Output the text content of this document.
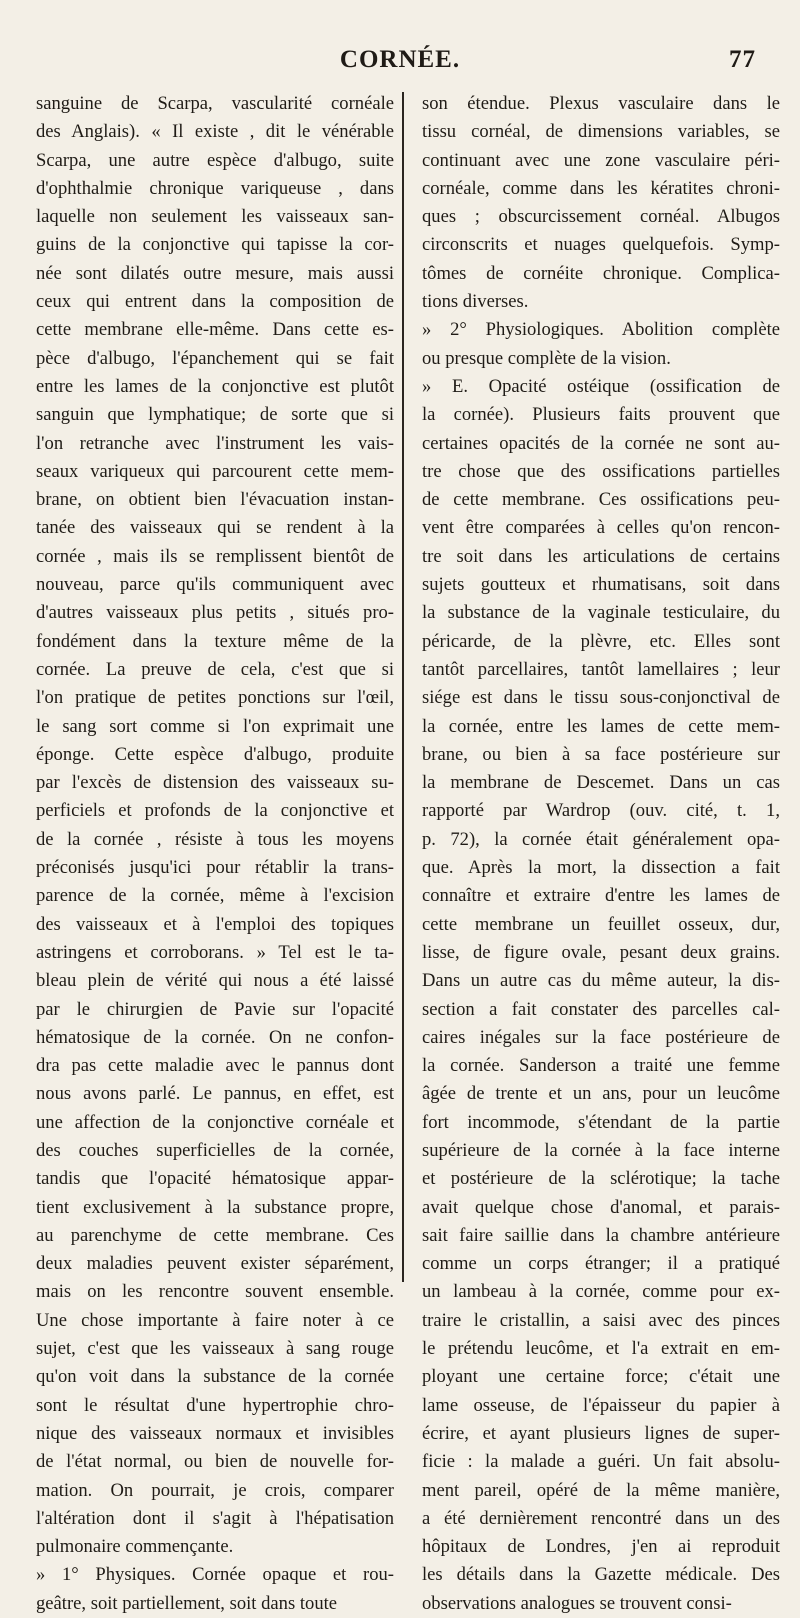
CORNÉE.	77

sanguine de Scarpa, vascularité cornéale

des Anglais). « Il existe , dit le vénérable

Scarpa, une autre espèce d'albugo, suite

d'ophthalmie chronique variqueuse , dans

laquelle non seulement les vaisseaux san-

guins de la conjonctive qui tapisse la cor-

née sont dilatés outre mesure, mais aussi

ceux qui entrent dans la composition de

cette membrane elle-même. Dans cette es-

pèce d'albugo, l'épanchement qui se fait

entre les lames de la conjonctive est plutôt

sanguin que lymphatique; de sorte que si

l'on retranche avec l'instrument les vais-

seaux variqueux qui parcourent cette mem-

brane, on obtient bien l'évacuation instan-

tanée des vaisseaux qui se rendent à la

cornée , mais ils se remplissent bientôt de

nouveau, parce qu'ils communiquent avec

d'autres vaisseaux plus petits , situés pro-

fondément dans la texture même de la

cornée. La preuve de cela, c'est que si

l'on pratique de petites ponctions sur l'œil,

le sang sort comme si l'on exprimait une

éponge. Cette espèce d'albugo, produite

par l'excès de distension des vaisseaux su-

perficiels et profonds de la conjonctive et

de la cornée , résiste à tous les moyens

préconisés jusqu'ici pour rétablir la trans-

parence de la cornée, même à l'excision

des vaisseaux et à l'emploi des topiques

astringens et corroborans. » Tel est le ta-

bleau plein de vérité qui nous a été laissé

par le chirurgien de Pavie sur l'opacité

hématosique de la cornée. On ne confon-

dra pas cette maladie avec le pannus dont

nous avons parlé. Le pannus, en effet, est

une affection de la conjonctive cornéale et

des couches superficielles de la cornée,

tandis que l'opacité hématosique appar-

tient exclusivement à la substance propre,

au parenchyme de cette membrane. Ces

deux maladies peuvent exister séparément,

mais on les rencontre souvent ensemble.

Une chose importante à faire noter à ce

sujet, c'est que les vaisseaux à sang rouge

qu'on voit dans la substance de la cornée

sont le résultat d'une hypertrophie chro-

nique des vaisseaux normaux et invisibles

de l'état normal, ou bien de nouvelle for-

mation. On pourrait, je crois, comparer

l'altération dont il s'agit à l'hépatisation

pulmonaire commençante.

» 1° Physiques. Cornée opaque et rou-

geâtre, soit partiellement, soit dans toute

son étendue. Plexus vasculaire dans le

tissu cornéal, de dimensions variables, se

continuant avec une zone vasculaire péri-

cornéale, comme dans les kératites chroni-

ques ; obscurcissement cornéal. Albugos

circonscrits et nuages quelquefois. Symp-

tômes de cornéite chronique. Complica-

tions diverses.

» 2° Physiologiques. Abolition complète

ou presque complète de la vision.

» E. Opacité ostéique (ossification de

la cornée). Plusieurs faits prouvent que

certaines opacités de la cornée ne sont au-

tre chose que des ossifications partielles

de cette membrane. Ces ossifications peu-

vent être comparées à celles qu'on rencon-

tre soit dans les articulations de certains

sujets goutteux et rhumatisans, soit dans

la substance de la vaginale testiculaire, du

péricarde, de la plèvre, etc. Elles sont

tantôt parcellaires, tantôt lamellaires ; leur

siége est dans le tissu sous-conjonctival de

la cornée, entre les lames de cette mem-

brane, ou bien à sa face postérieure sur

la membrane de Descemet. Dans un cas

rapporté par Wardrop (ouv. cité, t. 1,

p. 72), la cornée était généralement opa-

que. Après la mort, la dissection a fait

connaître et extraire d'entre les lames de

cette membrane un feuillet osseux, dur,

lisse, de figure ovale, pesant deux grains.

Dans un autre cas du même auteur, la dis-

section a fait constater des parcelles cal-

caires inégales sur la face postérieure de

la cornée. Sanderson a traité une femme

âgée de trente et un ans, pour un leucôme

fort incommode, s'étendant de la partie

supérieure de la cornée à la face interne

et postérieure de la sclérotique; la tache

avait quelque chose d'anomal, et parais-

sait faire saillie dans la chambre antérieure

comme un corps étranger; il a pratiqué

un lambeau à la cornée, comme pour ex-

traire le cristallin, a saisi avec des pinces

le prétendu leucôme, et l'a extrait en em-

ployant une certaine force; c'était une

lame osseuse, de l'épaisseur du papier à

écrire, et ayant plusieurs lignes de super-

ficie : la malade a guéri. Un fait absolu-

ment pareil, opéré de la même manière,

a été dernièrement rencontré dans un des

hôpitaux de Londres, j'en ai reproduit

les détails dans la Gazette médicale. Des

observations analogues se trouvent consi-
